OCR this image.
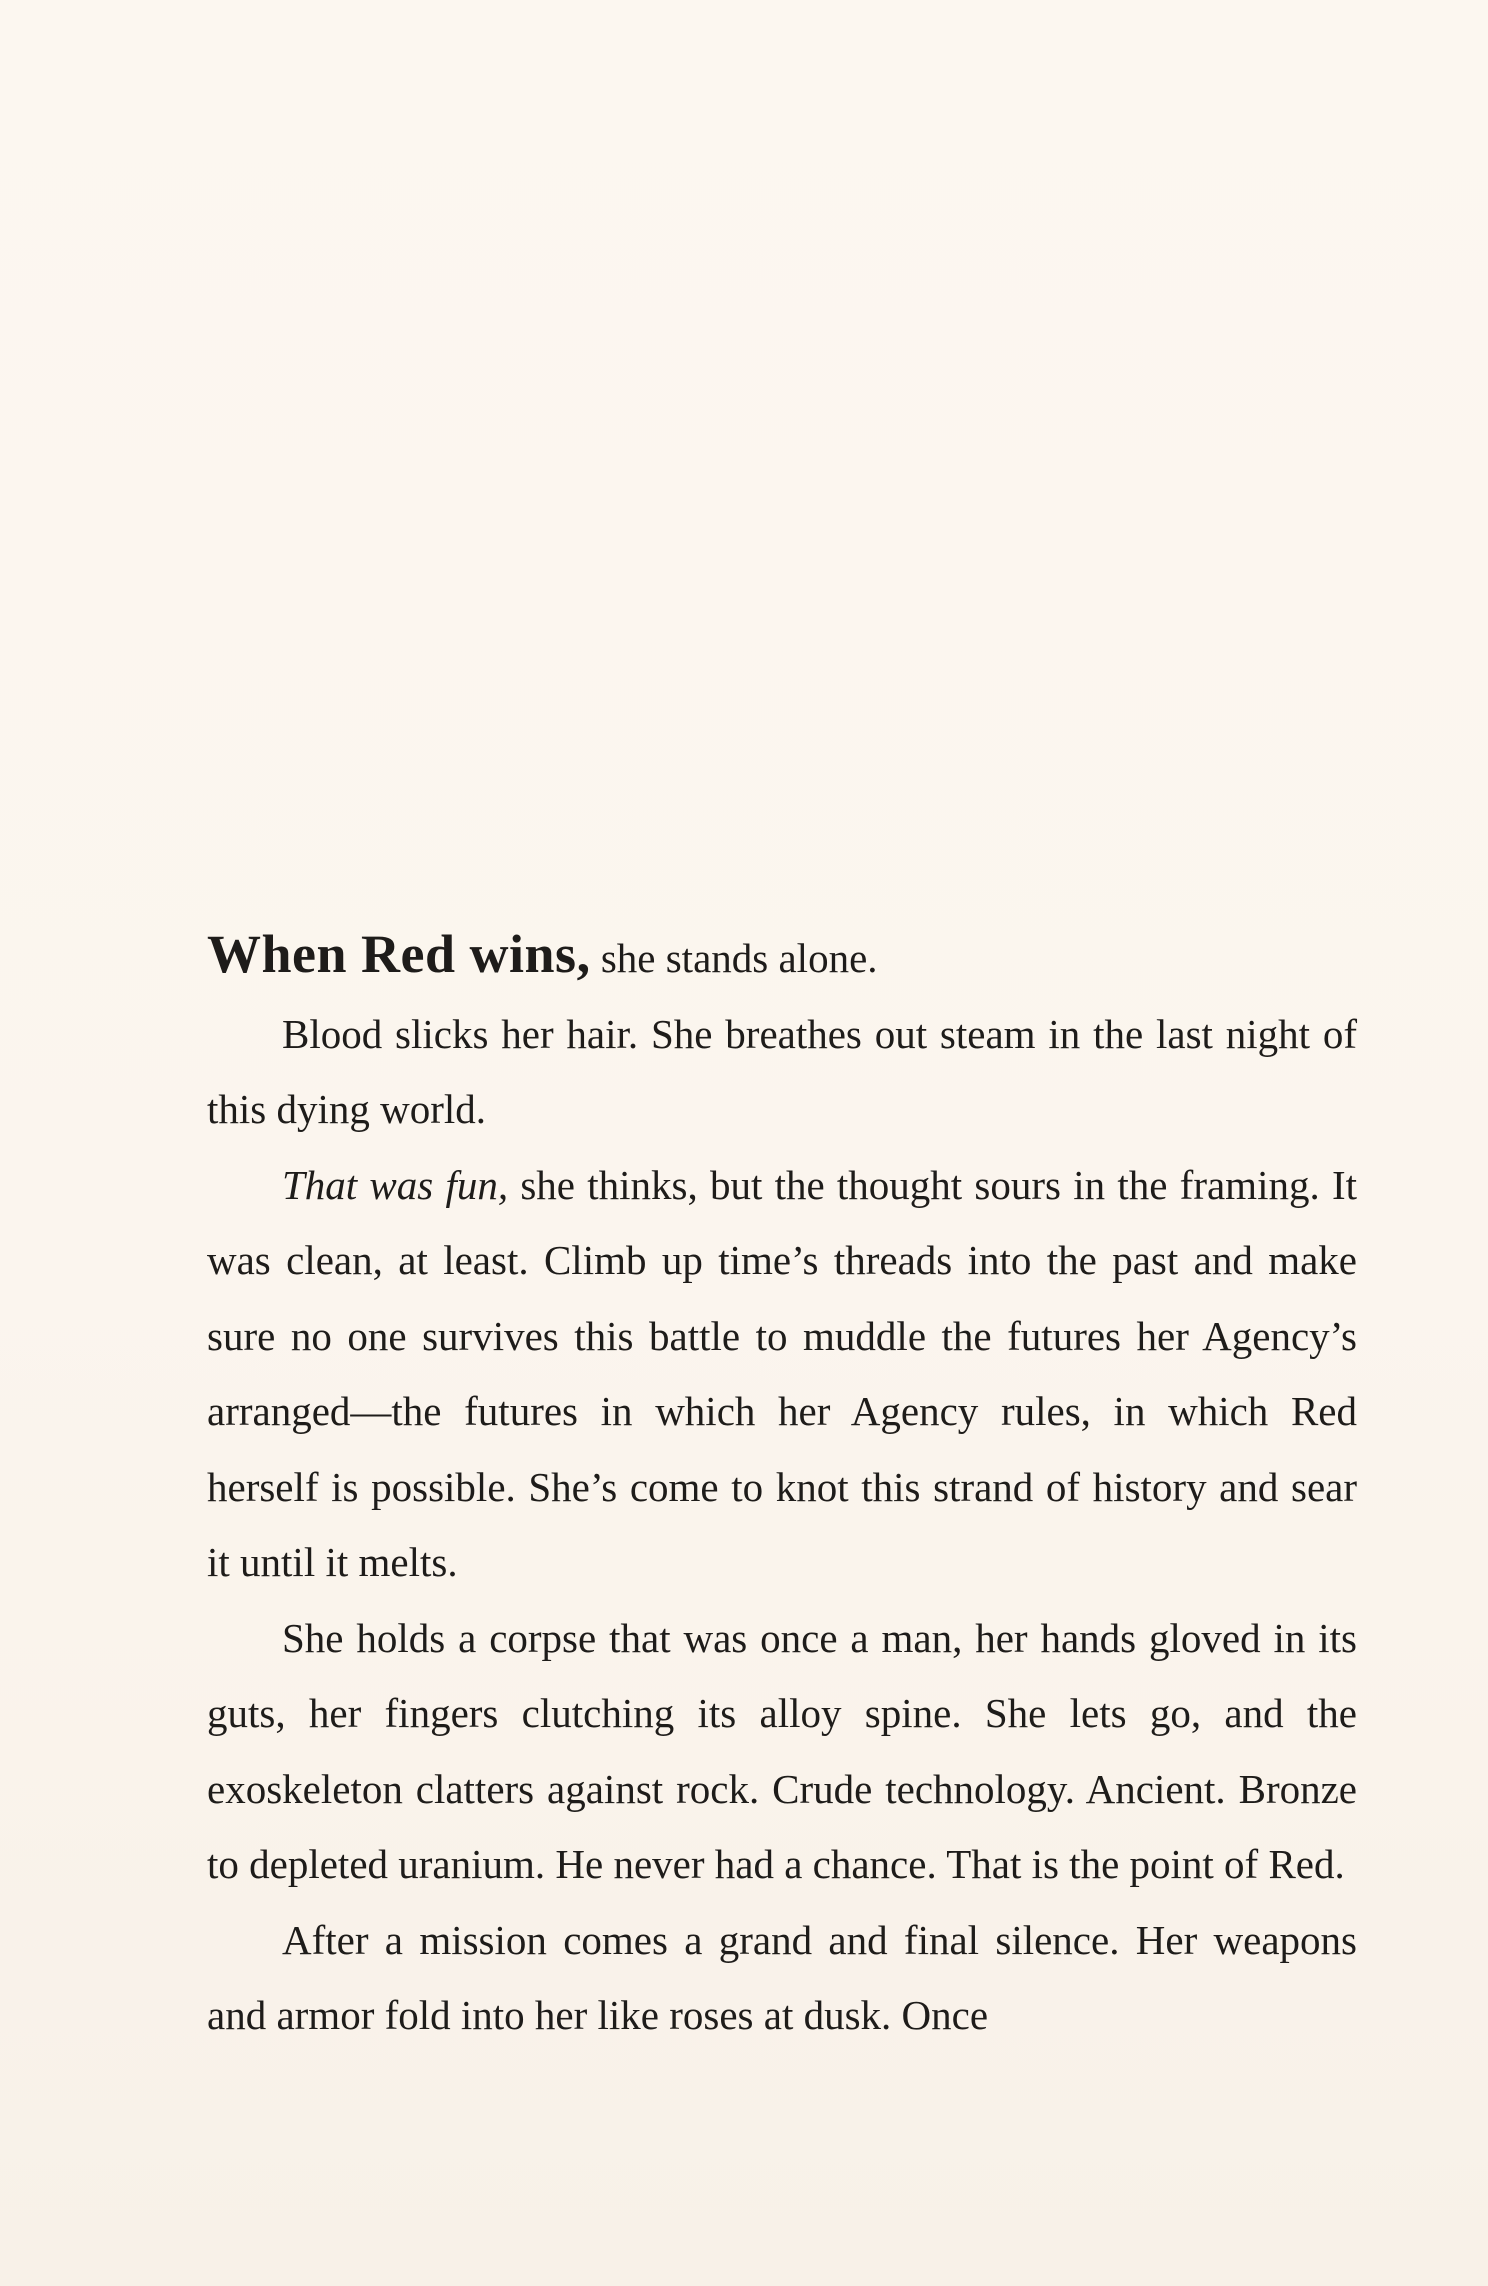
When Red wins, she stands alone.

Blood slicks her hair. She breathes out steam in the last night of this dying world.

That was fun, she thinks, but the thought sours in the framing. It was clean, at least. Climb up time’s threads into the past and make sure no one survives this battle to muddle the futures her Agency’s arranged—the futures in which her Agency rules, in which Red herself is possible. She’s come to knot this strand of history and sear it until it melts.

She holds a corpse that was once a man, her hands gloved in its guts, her fingers clutching its alloy spine. She lets go, and the exoskeleton clatters against rock. Crude technology. Ancient. Bronze to depleted uranium. He never had a chance. That is the point of Red.

After a mission comes a grand and final silence. Her weapons and armor fold into her like roses at dusk. Once
